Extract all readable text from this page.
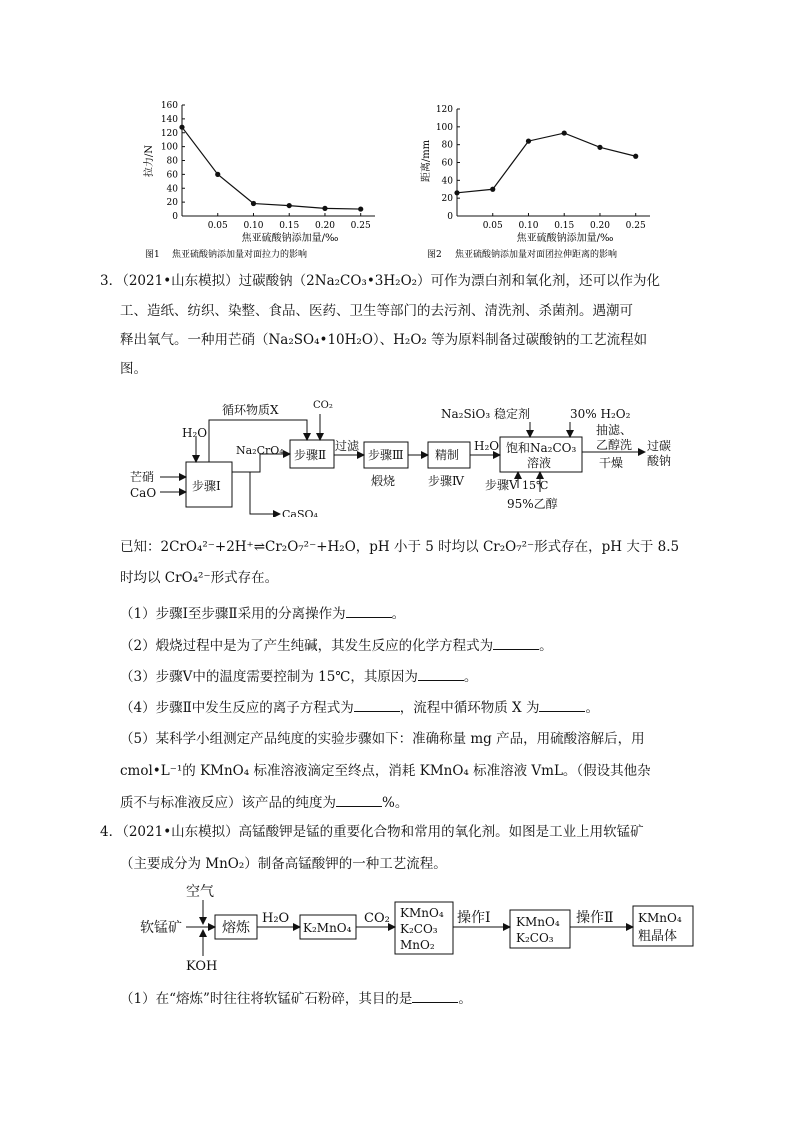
0
20
40
60
80
100
120
140
160
0.05 0.10 0.15 0.20 0.25
拉力/N
焦亚硫酸钠添加量/‰
图1 焦亚硫酸钠添加量对面拉力的影响
0
20
40
60
80
100
120
0.05 0.10 0.15 0.20 0.25
距离/mm
焦亚硫酸钠添加量/‰
图2 焦亚硫酸钠添加量对面团拉伸距离的影响
3．（2021•山东模拟）过碳酸钠（2Na₂CO₃•3H₂O₂）可作为漂白剂和氧化剂，还可以作为化
工、造纸、纺织、染整、食品、医药、卫生等部门的去污剂、清洗剂、杀菌剂。遇潮可
释出氧气。一种用芒硝（Na₂SO₄•10H₂O）、H₂O₂ 等为原料制备过碳酸钠的工艺流程如
图。
循环物质X	CO₂
H₂O
芒硝
CaO	步骤Ⅰ
Na₂CrO₄ 步骤Ⅱ
CaSO₄
过滤
步骤Ⅲ
煅烧
精制
步骤Ⅳ
H₂O
Na₂SiO₃ 稳定剂	30% H₂O₂
饱和Na₂CO₃
溶液
步骤Ⅴ 15℃
95%乙醇
抽滤、
乙醇洗
干燥
过碳
酸钠
已知：2CrO₄²⁻+2H⁺⇌Cr₂O₇²⁻+H₂O，pH 小于 5 时均以 Cr₂O₇²⁻形式存在，pH 大于 8.5
时均以 CrO₄²⁻形式存在。
（1）步骤Ⅰ至步骤Ⅱ采用的分离操作为	。
（2）煅烧过程中是为了产生纯碱，其发生反应的化学方程式为	。
（3）步骤Ⅴ中的温度需要控制为 15℃，其原因为	。
（4）步骤Ⅱ中发生反应的离子方程式为	，流程中循环物质 X 为	。
（5）某科学小组测定产品纯度的实验步骤如下：准确称量 mg 产品，用硫酸溶解后，用
cmol•L⁻¹的 KMnO₄ 标准溶液滴定至终点，消耗 KMnO₄ 标准溶液 VmL。（假设其他杂
质不与标准液反应）该产品的纯度为	%。
4．（2021•山东模拟）高锰酸钾是锰的重要化合物和常用的氧化剂。如图是工业上用软锰矿
（主要成分为 MnO₂）制备高锰酸钾的一种工艺流程。
空气
软锰矿
KOH
熔炼
H₂O
K₂MnO₄
CO₂ KMnO₄
K₂CO₃
MnO₂
操作Ⅰ KMnO₄
K₂CO₃
操作Ⅱ KMnO₄
粗晶体
（1）在“熔炼”时往往将软锰矿石粉碎，其目的是	。
